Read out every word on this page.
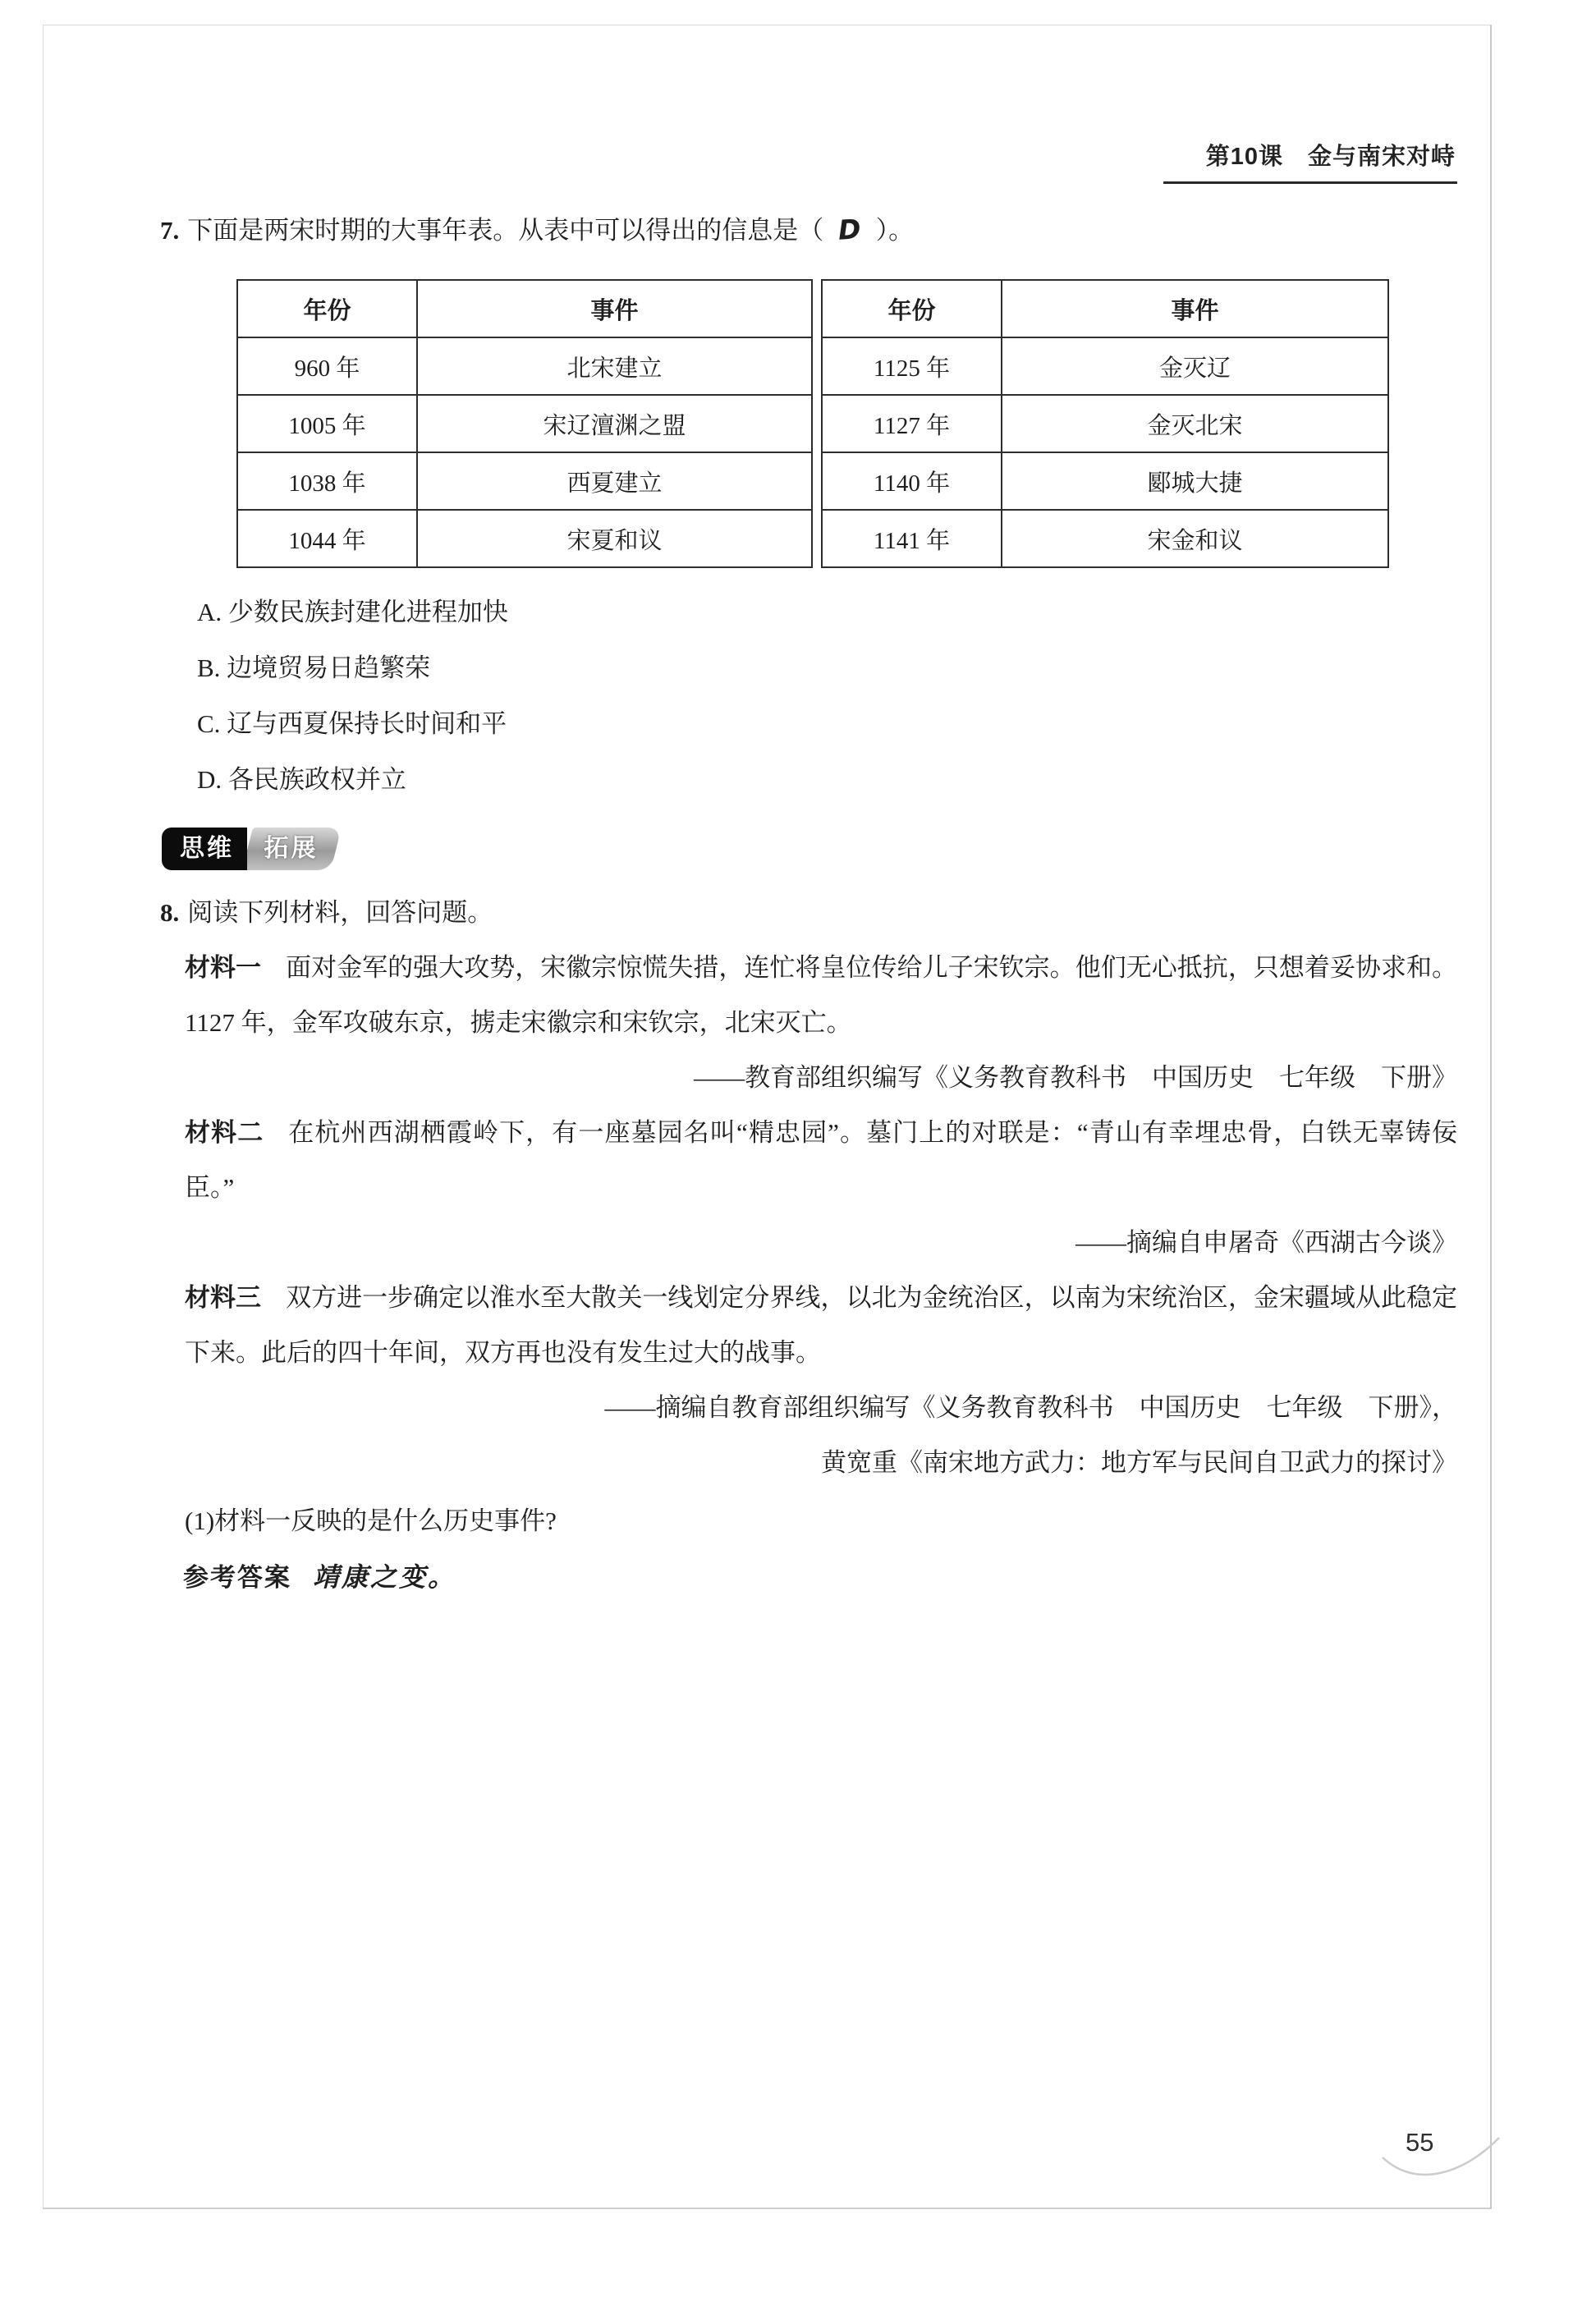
第10课　金与南宋对峙

7. 下面是两宋时期的大事年表。从表中可以得出的信息是（ D ）。

年份	事件
960 年	北宋建立
1005 年	宋辽澶渊之盟
1038 年	西夏建立
1044 年	宋夏和议
年份	事件
1125 年	金灭辽
1127 年	金灭北宋
1140 年	郾城大捷
1141 年	宋金和议

A. 少数民族封建化进程加快

B. 边境贸易日趋繁荣

C. 辽与西夏保持长时间和平

D. 各民族政权并立

思维	拓展

8. 阅读下列材料，回答问题。

材料一 面对金军的强大攻势，宋徽宗惊慌失措，连忙将皇位传给儿子宋钦宗。他们无心抵抗，只想着妥协求和。1127 年，金军攻破东京，掳走宋徽宗和宋钦宗，北宋灭亡。

——教育部组织编写《义务教育教科书　中国历史　七年级　下册》

材料二 在杭州西湖栖霞岭下，有一座墓园名叫“精忠园”。墓门上的对联是：“青山有幸埋忠骨，白铁无辜铸佞臣。”

——摘编自申屠奇《西湖古今谈》

材料三 双方进一步确定以淮水至大散关一线划定分界线，以北为金统治区，以南为宋统治区，金宋疆域从此稳定下来。此后的四十年间，双方再也没有发生过大的战事。

——摘编自教育部组织编写《义务教育教科书　中国历史　七年级　下册》，

黄宽重《南宋地方武力：地方军与民间自卫武力的探讨》

(1)材料一反映的是什么历史事件?

参考答案 靖康之变。

55
